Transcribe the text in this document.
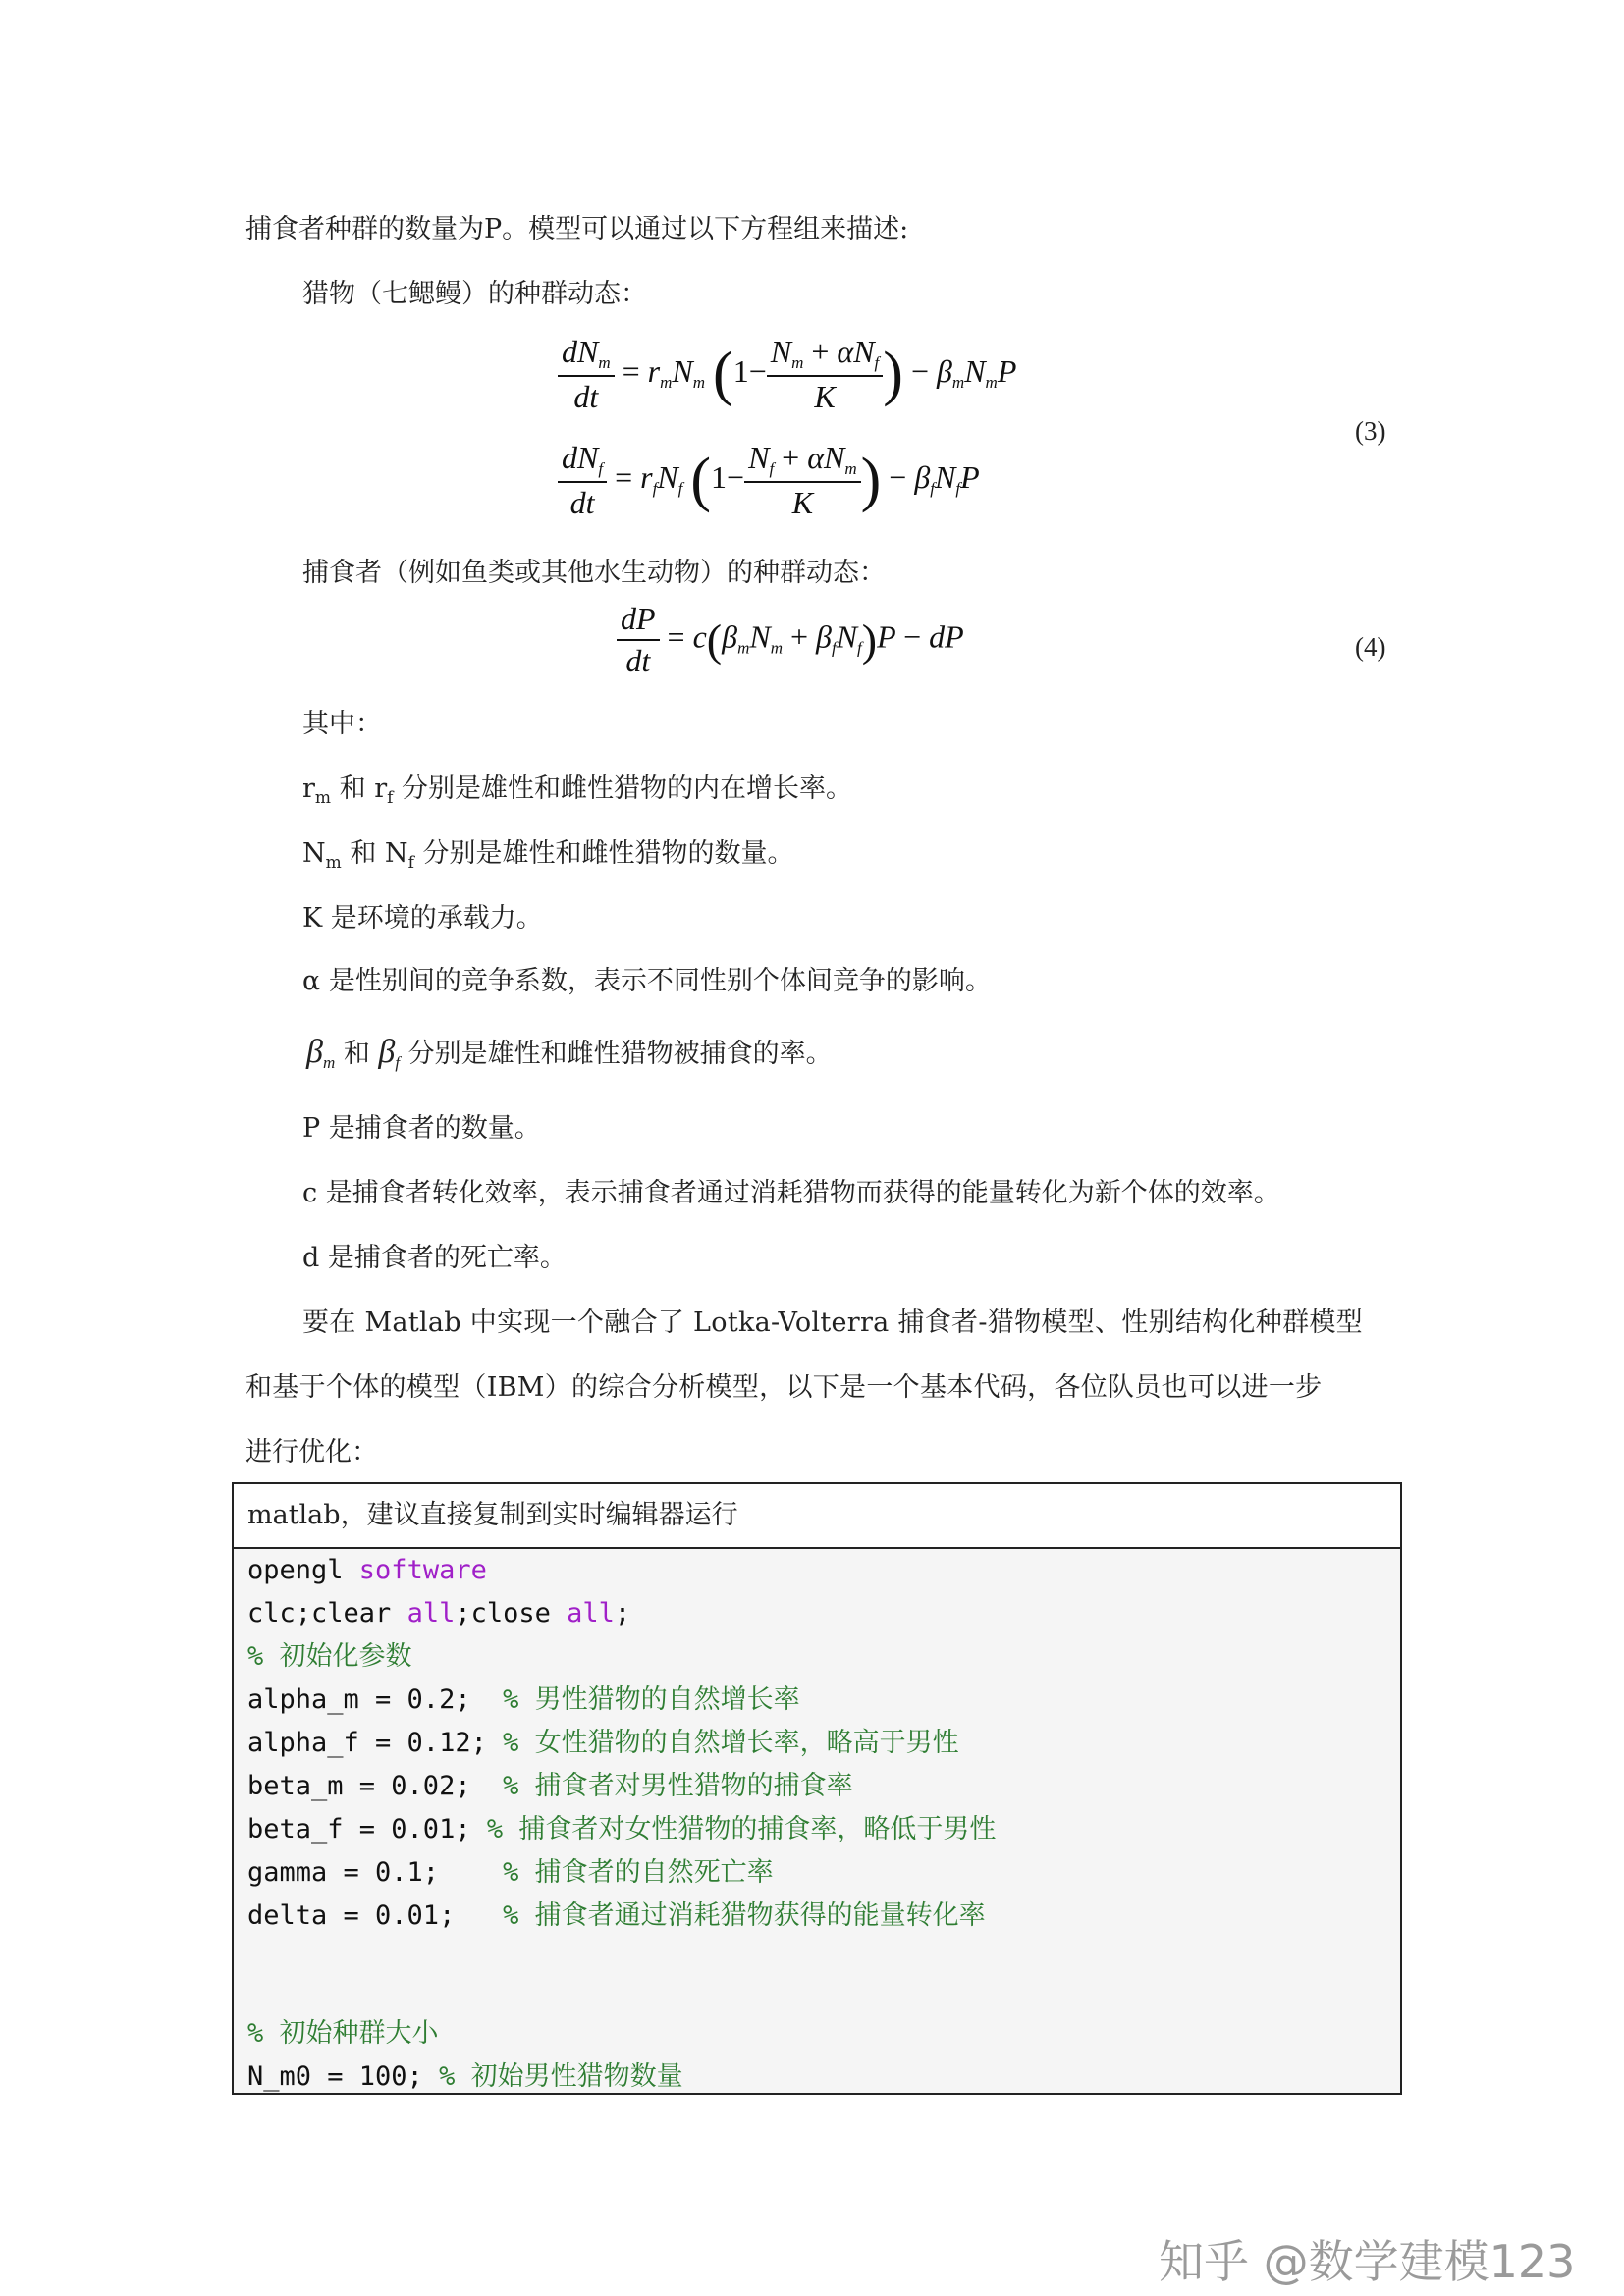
捕食者种群的数量为P。模型可以通过以下方程组来描述:
猎物（七鳃鳗）的种群动态：
$\frac{dN_m}{dt} = r_mN_m$ ($1- \frac{N_m + \alpha N_f}{K}$ ) − $\beta_mN_mP$
$\frac{dN_f}{dt} = r_fN_f$ ($1- \frac{N_f + \alpha N_m}{K}$ ) − $\beta_fN_fP$
(3)
捕食者（例如鱼类或其他水生动物）的种群动态：
$\frac{dP}{dt} = c(\beta_mN_m + \beta_fN_f)P$ − dP	(4)
其中：
$r_m$ 和 $r_f$ 分别是雄性和雌性猎物的内在增长率。
$N_m$ 和 $N_f$ 分别是雄性和雌性猎物的数量。
K 是环境的承载力。
α 是性别间的竞争系数，表示不同性别个体间竞争的影响。
$\beta_m$ 和 $\beta_f$ 分别是雄性和雌性猎物被捕食的率。
P 是捕食者的数量。
c 是捕食者转化效率，表示捕食者通过消耗猎物而获得的能量转化为新个体的效率。
d 是捕食者的死亡率。
要在 Matlab 中实现一个融合了 Lotka-Volterra 捕食者-猎物模型、性别结构化种群模型
和基于个体的模型（IBM）的综合分析模型，以下是一个基本代码，各位队员也可以进一步
进行优化：
matlab，建议直接复制到实时编辑器运行
opengl software
clc;clear all;close all;
% 初始化参数
alpha_m = 0.2;  % 男性猎物的自然增长率
alpha_f = 0.12; % 女性猎物的自然增长率，略高于男性
beta_m = 0.02;  % 捕食者对男性猎物的捕食率
beta_f = 0.01; % 捕食者对女性猎物的捕食率，略低于男性
gamma = 0.1;    % 捕食者的自然死亡率
delta = 0.01;   % 捕食者通过消耗猎物获得的能量转化率
% 初始种群大小
N_m0 = 100; % 初始男性猎物数量
知乎 @数学建模123
